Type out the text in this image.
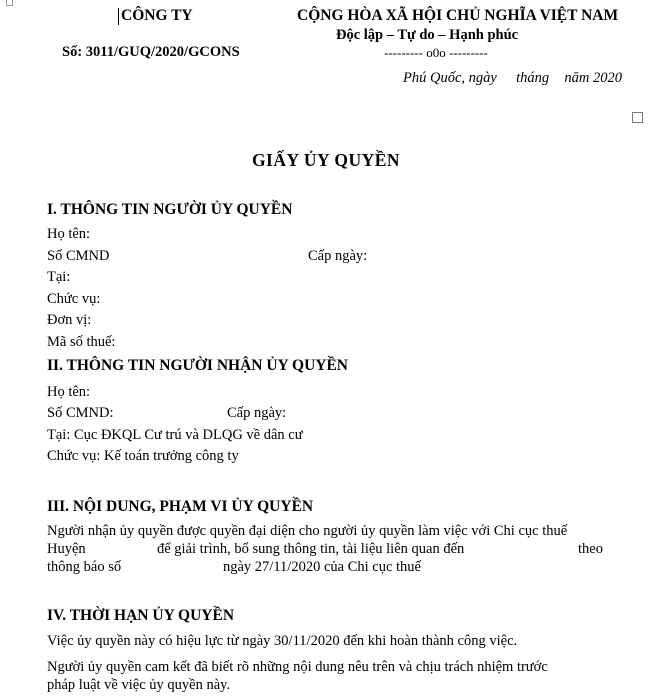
CÔNG TY
Số: 3011/GUQ/2020/GCONS
CỘNG HÒA XÃ HỘI CHỦ NGHĨA VIỆT NAM
Độc lập – Tự do – Hạnh phúc
--------- o0o ---------
Phú Quốc, ngày tháng năm 2020
GIẤY ỦY QUYỀN
I. THÔNG TIN NGƯỜI ỦY QUYỀN
Họ tên:
Số CMND	Cấp ngày:
Tại:
Chức vụ:
Đơn vị:
Mã số thuế:
II. THÔNG TIN NGƯỜI NHẬN ỦY QUYỀN
Họ tên:
Số CMND:	Cấp ngày:
Tại: Cục ĐKQL Cư trú và DLQG về dân cư
Chức vụ: Kế toán trưởng công ty
III. NỘI DUNG, PHẠM VI ỦY QUYỀN
Người nhận ủy quyền được quyền đại diện cho người ủy quyền làm việc với Chi cục thuế
Huyện	để giải trình, bổ sung thông tin, tài liệu liên quan đến	theo
thông báo số	ngày 27/11/2020 của Chi cục thuế
IV. THỜI HẠN ỦY QUYỀN
Việc ủy quyền này có hiệu lực từ ngày 30/11/2020 đến khi hoàn thành công việc.
Người ủy quyền cam kết đã biết rõ những nội dung nêu trên và chịu trách nhiệm trước
pháp luật về việc ủy quyền này.
